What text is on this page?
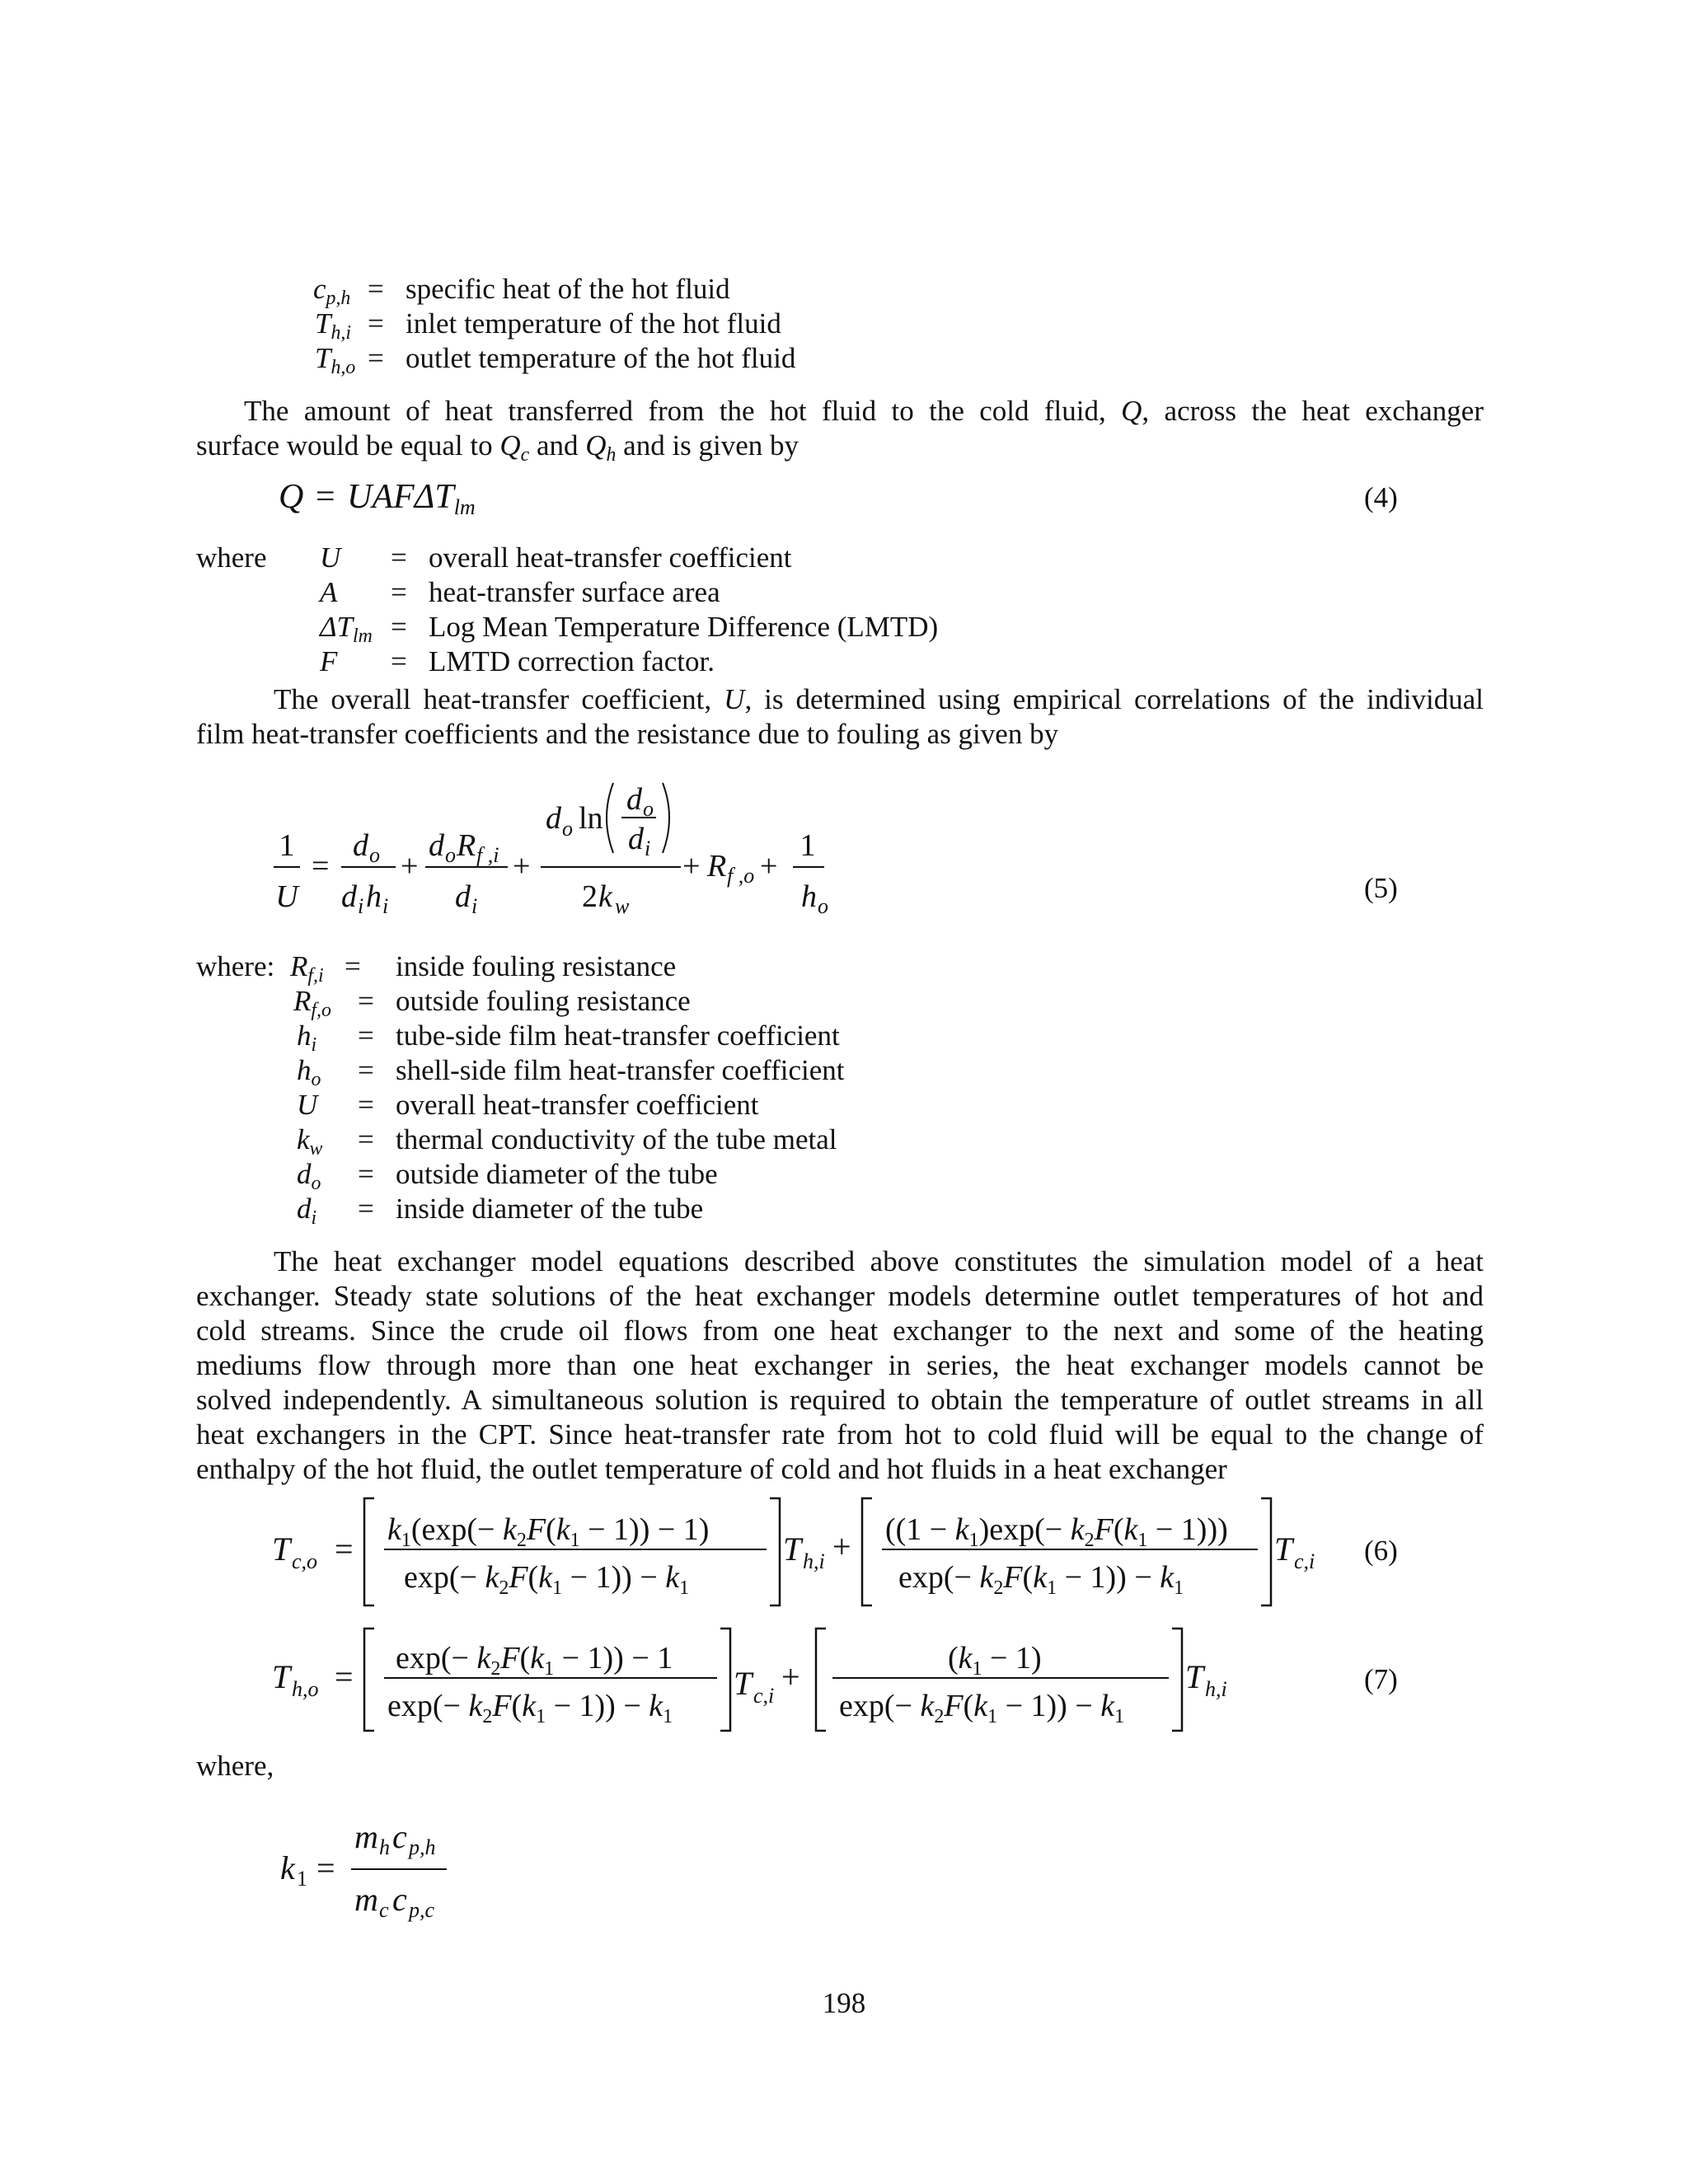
$c_{p,h}$ = specific heat of the hot fluid
$T_{h,i}$ = inlet temperature of the hot fluid
$T_{h,o}$ = outlet temperature of the hot fluid
The amount of heat transferred from the hot fluid to the cold fluid, Q, across the heat exchanger
surface would be equal to $Q_c$ and $Q_h$ and is given by
$Q = UAF\Delta T_{lm}$	(4)
where U = overall heat-transfer coefficient
A = heat-transfer surface area
$\Delta T_{lm}$ = Log Mean Temperature Difference (LMTD)
F = LMTD correction factor.
The overall heat-transfer coefficient, U, is determined using empirical correlations of the individual
film heat-transfer coefficients and the resistance due to fouling as given by
1
U
=
d o
d i h i
+
d o R f ,i
d i
+
d o ln
d o
d i
2 k w
+ R f ,o +
1
h o
(5)
where: $R_{f,i}$ = inside fouling resistance
$R_{f,o}$ = outside fouling resistance
$h_i$ = tube-side film heat-transfer coefficient
$h_o$ = shell-side film heat-transfer coefficient
U = overall heat-transfer coefficient
$k_w$ = thermal conductivity of the tube metal
$d_o$ = outside diameter of the tube
$d_i$ = inside diameter of the tube
The heat exchanger model equations described above constitutes the simulation model of a heat
exchanger. Steady state solutions of the heat exchanger models determine outlet temperatures of hot and
cold streams. Since the crude oil flows from one heat exchanger to the next and some of the heating
mediums flow through more than one heat exchanger in series, the heat exchanger models cannot be
solved independently. A simultaneous solution is required to obtain the temperature of outlet streams in all
heat exchangers in the CPT. Since heat-transfer rate from hot to cold fluid will be equal to the change of
enthalpy of the hot fluid, the outlet temperature of cold and hot fluids in a heat exchanger
T c,o =
$k_1(\exp(- k_2F(k_1 - 1)) - 1)$
$\exp(- k_2F(k_1 - 1)) - k_1$
T $h,i + ((1 - k_1)\exp(- k_2F(k_1 - 1)))$
$\exp(- k_2F(k_1 - 1)) - k_1$
T c,i (6)
T $h,o = \exp(- k_2F(k_1 - 1)) - 1$
$\exp(- k_2F(k_1 - 1)) - k_1$
T c,i
+	$(k_1 - 1)$
$\exp(- k_2F(k_1 - 1)) - k_1$
T h,i	(7)
where,
k 1 =
m h c p,h
m c c p,c
198
